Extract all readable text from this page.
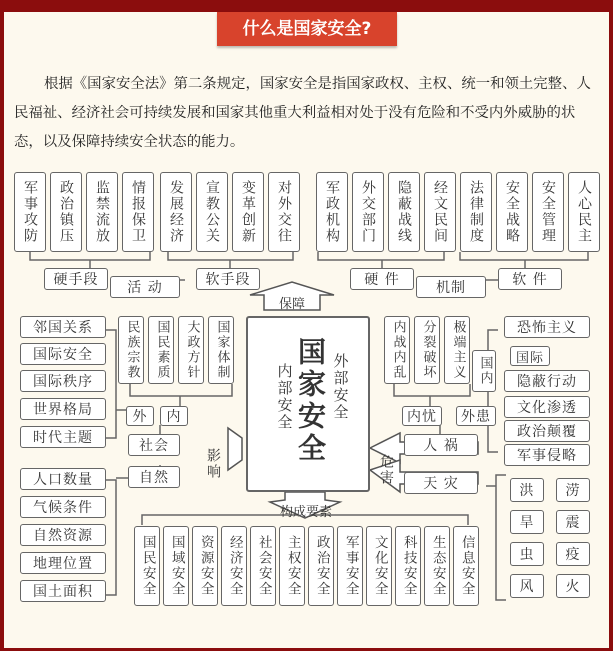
什么是国家安全?

根据《国家安全法》第二条规定，国家安全是指国家政权、主权、统一和领土完整、人民福祉、经济社会可持续发展和国家其他重大利益相对处于没有危险和不受内外威胁的状态，以及保障持续安全状态的能力。

军事攻防	政治镇压	监禁流放	情报保卫	发展经济	宣教公关	变革创新	对外交往	军政机构	外交部门	隐蔽战线	经文民间	法律制度	安全战略	安全管理	人心民主
硬手段	活 动	软手段	硬 件	机制	软 件
保障
邻国关系
国际安全
国际秩序
世界格局
时代主题
民族宗教	国民素质	大政方针	国家体制
外	内
社会
自然	影响
人口数量
气候条件
自然资源
地理位置
国土面积
内部安全 国家安全 外部安全
内战内乱	分裂破坏	极端主义 国内	国际
恐怖主义
隐蔽行动
文化渗透
政治颠覆
军事侵略
内忧	外患
人 祸
危害	天 灾	洪	涝
旱	震
虫	疫
风	火
构成要素
国民安全 国域安全 资源安全 经济安全 社会安全 主权安全 政治安全 军事安全 文化安全 科技安全 生态安全 信息安全
